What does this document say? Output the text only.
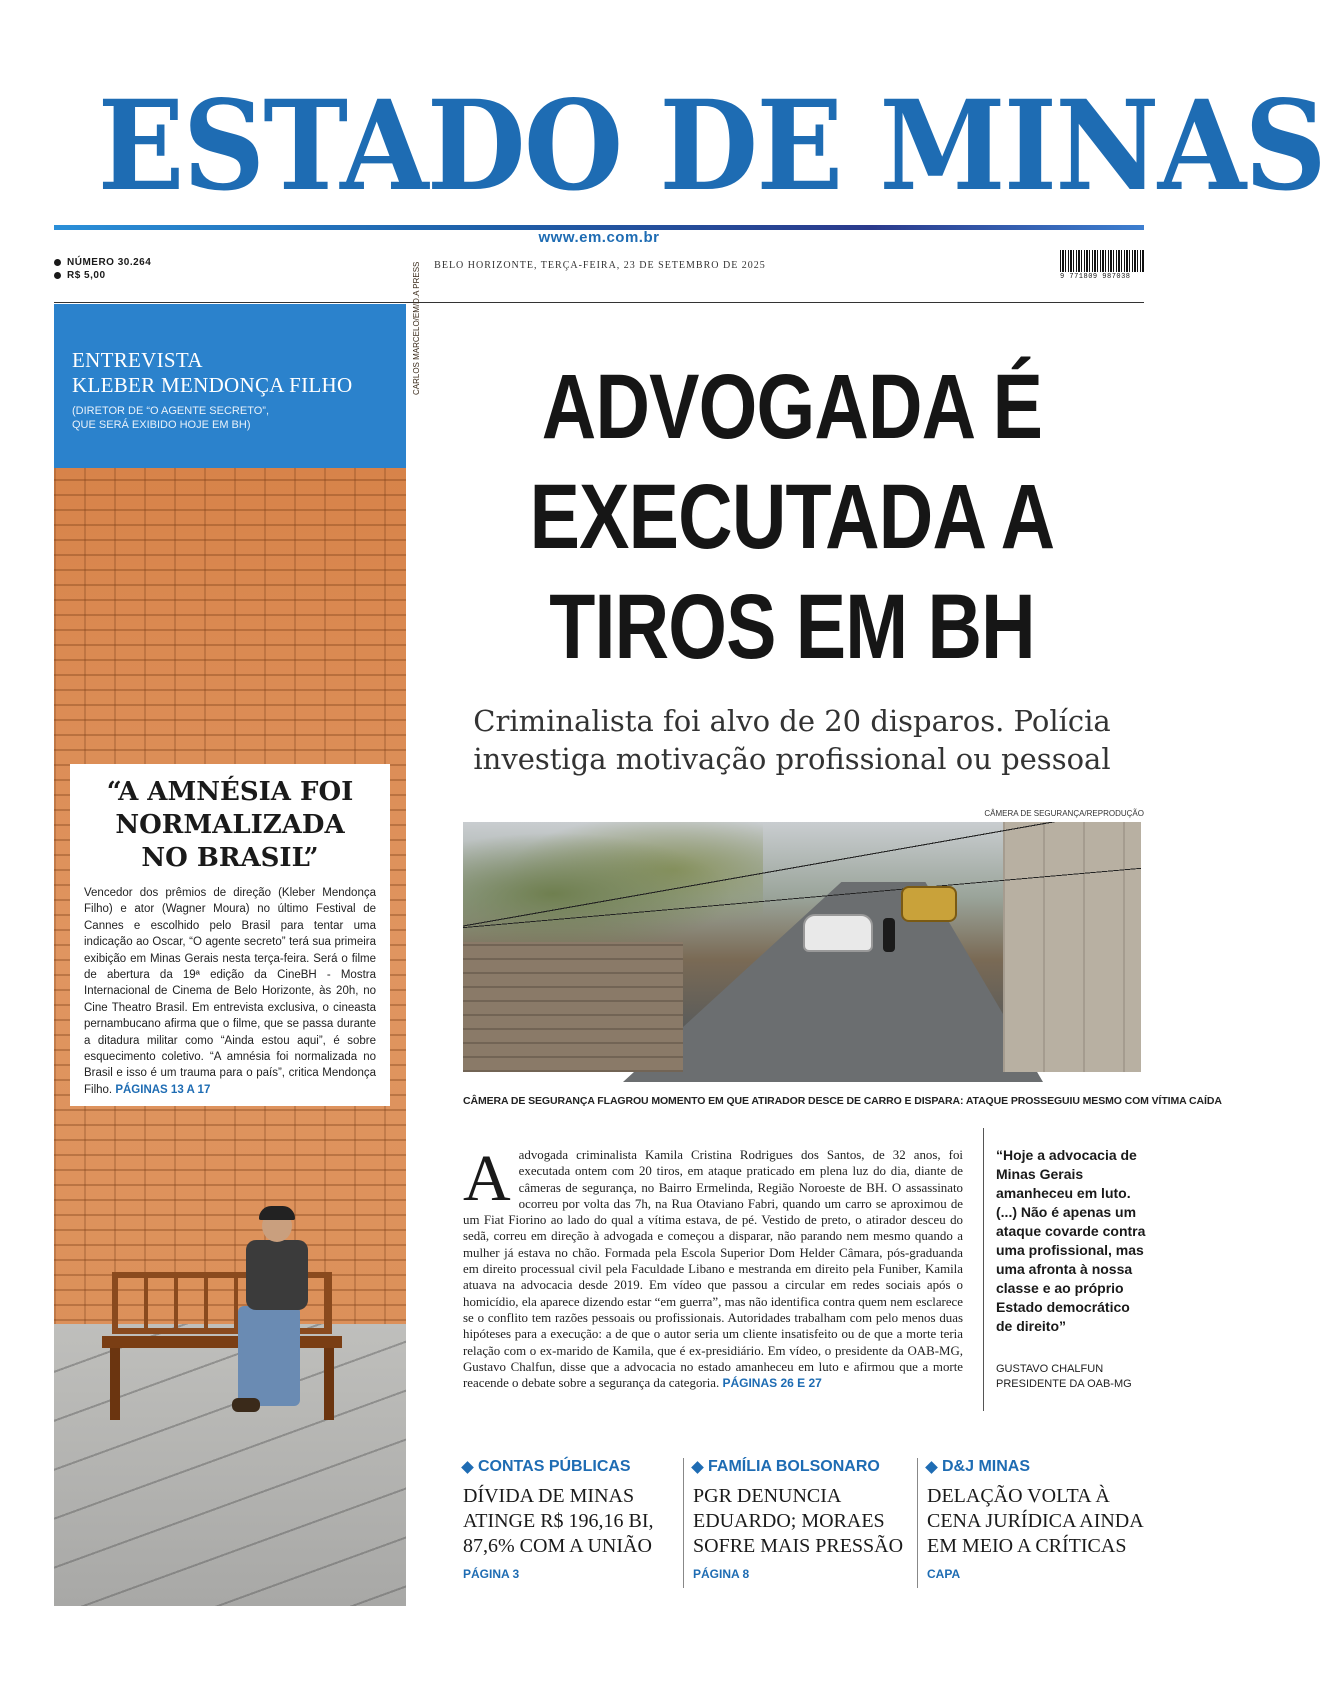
ESTADO DE MINAS
www.em.com.br
NÚMERO 30.264
R$ 5,00
BELO HORIZONTE, TERÇA-FEIRA, 23 DE SETEMBRO DE 2025
9 771809 987038
ENTREVISTA
KLEBER MENDONÇA FILHO
(DIRETOR DE “O AGENTE SECRETO”,
QUE SERÁ EXIBIDO HOJE EM BH)
“A AMNÉSIA FOI
NORMALIZADA
NO BRASIL”

Vencedor dos prêmios de direção (Kleber Mendonça Filho) e ator (Wagner Moura) no último Festival de Cannes e escolhido pelo Brasil para tentar uma indicação ao Oscar, “O agente secreto” terá sua primeira exibição em Minas Gerais nesta terça-feira. Será o filme de abertura da 19ª edição da CineBH - Mostra Internacional de Cinema de Belo Horizonte, às 20h, no Cine Theatro Brasil. Em entrevista exclusiva, o cineasta pernambucano afirma que o filme, que se passa durante a ditadura militar como “Ainda estou aqui”, é sobre esquecimento coletivo. “A amnésia foi normalizada no Brasil e isso é um trauma para o país”, critica Mendonça Filho. PÁGINAS 13 A 17

CARLOS MARCELO/EM/D.A PRESS
ADVOGADA É
EXECUTADA A
TIROS EM BH
Criminalista foi alvo de 20 disparos. Polícia
investiga motivação profissional ou pessoal
CÂMERA DE SEGURANÇA/REPRODUÇÃO
CÂMERA DE SEGURANÇA FLAGROU MOMENTO EM QUE ATIRADOR DESCE DE CARRO E DISPARA: ATAQUE PROSSEGUIU MESMO COM VÍTIMA CAÍDA
A advogada criminalista Kamila Cristina Rodrigues dos Santos, de 32 anos, foi executada ontem com 20 tiros, em ataque praticado em plena luz do dia, diante de câmeras de segurança, no Bairro Ermelinda, Região Noroeste de BH. O assassinato ocorreu por volta das 7h, na Rua Otaviano Fabri, quando um carro se aproximou de um Fiat Fiorino ao lado do qual a vítima estava, de pé. Vestido de preto, o atirador desceu do sedã, correu em direção à advogada e começou a disparar, não parando nem mesmo quando a mulher já estava no chão. Formada pela Escola Superior Dom Helder Câmara, pós-graduanda em direito processual civil pela Faculdade Libano e mestranda em direito pela Funiber, Kamila atuava na advocacia desde 2019. Em vídeo que passou a circular em redes sociais após o homicídio, ela aparece dizendo estar “em guerra”, mas não identifica contra quem nem esclarece se o conflito tem razões pessoais ou profissionais. Autoridades trabalham com pelo menos duas hipóteses para a execução: a de que o autor seria um cliente insatisfeito ou de que a morte teria relação com o ex-marido de Kamila, que é ex-presidiário. Em vídeo, o presidente da OAB-MG, Gustavo Chalfun, disse que a advocacia no estado amanheceu em luto e afirmou que a morte reacende o debate sobre a segurança da categoria. PÁGINAS 26 E 27
“Hoje a advocacia de Minas Gerais amanheceu em luto. (...) Não é apenas um ataque covarde contra uma profissional, mas uma afronta à nossa classe e ao próprio Estado democrático de direito”
GUSTAVO CHALFUN
PRESIDENTE DA OAB-MG
CONTAS PÚBLICAS
DÍVIDA DE MINAS ATINGE R$ 196,16 BI, 87,6% COM A UNIÃO
PÁGINA 3
FAMÍLIA BOLSONARO
PGR DENUNCIA EDUARDO; MORAES SOFRE MAIS PRESSÃO
PÁGINA 8
D&J MINAS
DELAÇÃO VOLTA À CENA JURÍDICA AINDA EM MEIO A CRÍTICAS
CAPA
